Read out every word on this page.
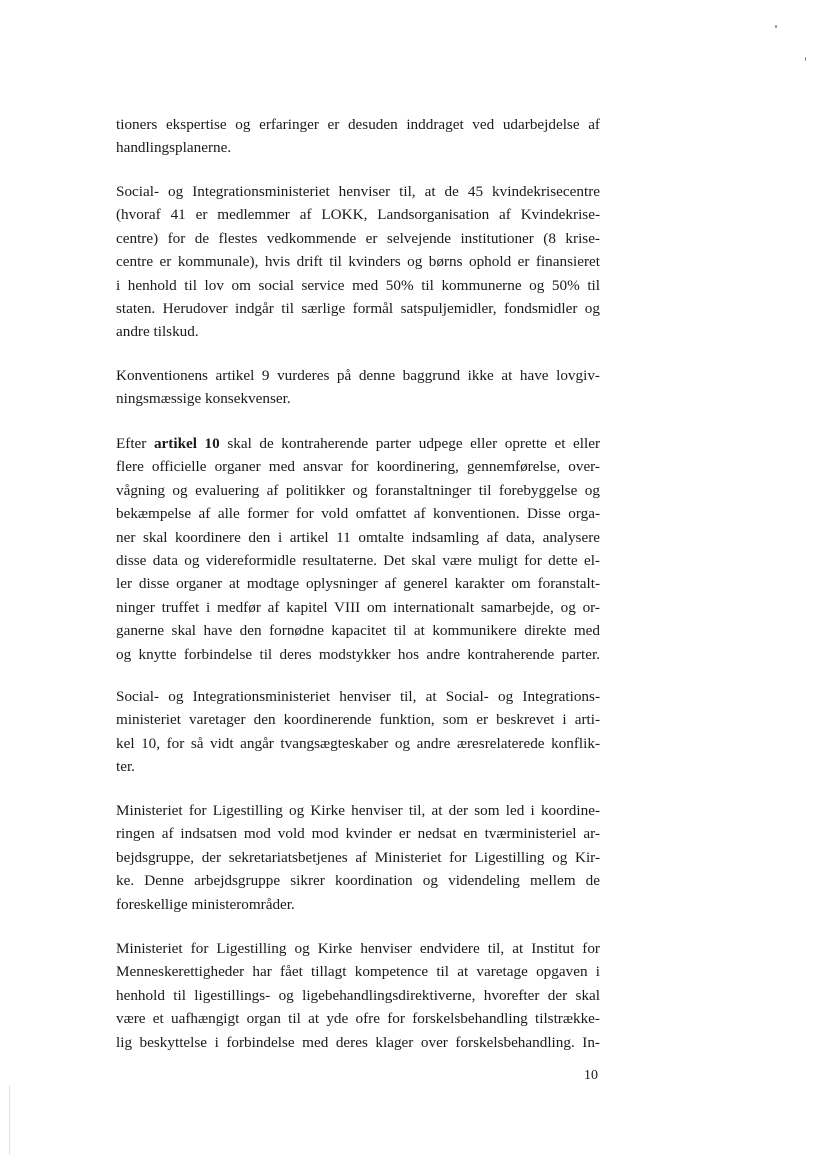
tioners ekspertise og erfaringer er desuden inddraget ved udarbejdelse af
handlingsplanerne.
Social- og Integrationsministeriet henviser til, at de 45 kvindekrisecentre
(hvoraf 41 er medlemmer af LOKK, Landsorganisation af Kvindekrise-
centre) for de flestes vedkommende er selvejende institutioner (8 krise-
centre er kommunale), hvis drift til kvinders og børns ophold er finansieret
i henhold til lov om social service med 50% til kommunerne og 50% til
staten. Herudover indgår til særlige formål satspuljemidler, fondsmidler og
andre tilskud.
Konventionens artikel 9 vurderes på denne baggrund ikke at have lovgiv-
ningsmæssige konsekvenser.
Efter artikel 10 skal de kontraherende parter udpege eller oprette et eller
flere officielle organer med ansvar for koordinering, gennemførelse, over-
vågning og evaluering af politikker og foranstaltninger til forebyggelse og
bekæmpelse af alle former for vold omfattet af konventionen. Disse orga-
ner skal koordinere den i artikel 11 omtalte indsamling af data, analysere
disse data og videreformidle resultaterne. Det skal være muligt for dette el-
ler disse organer at modtage oplysninger af generel karakter om foranstalt-
ninger truffet i medfør af kapitel VIII om internationalt samarbejde, og or-
ganerne skal have den fornødne kapacitet til at kommunikere direkte med
og knytte forbindelse til deres modstykker hos andre kontraherende parter.
Social- og Integrationsministeriet henviser til, at Social- og Integrations-
ministeriet varetager den koordinerende funktion, som er beskrevet i arti-
kel 10, for så vidt angår tvangsægteskaber og andre æresrelaterede konflik-
ter.
Ministeriet for Ligestilling og Kirke henviser til, at der som led i koordine-
ringen af indsatsen mod vold mod kvinder er nedsat en tværministeriel ar-
bejdsgruppe, der sekretariatsbetjenes af Ministeriet for Ligestilling og Kir-
ke. Denne arbejdsgruppe sikrer koordination og videndeling mellem de
foreskellige ministerområder.
Ministeriet for Ligestilling og Kirke henviser endvidere til, at Institut for
Menneskerettigheder har fået tillagt kompetence til at varetage opgaven i
henhold til ligestillings- og ligebehandlingsdirektiverne, hvorefter der skal
være et uafhængigt organ til at yde ofre for forskelsbehandling tilstrække-
lig beskyttelse i forbindelse med deres klager over forskelsbehandling. In-
10
